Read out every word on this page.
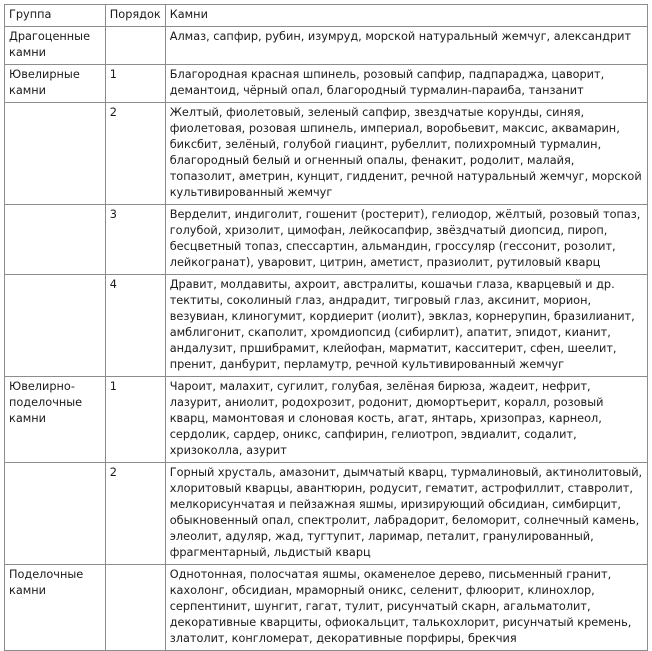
Группа	Порядок	Камни
Драгоценные камни		Алмаз, сапфир, рубин, изумруд, морской натуральный жемчуг, александрит
Ювелирные камни	1	Благородная красная шпинель, розовый сапфир, падпараджа, цаворит, демантоид, чёрный опал, благородный турмалин-параиба, танзанит
	2	Желтый, фиолетовый, зеленый сапфир, звездчатые корунды, синяя, фиолетовая, розовая шпинель, империал, воробьевит, максис, аквамарин, биксбит, зелёный, голубой гиацинт, рубеллит, полихромный турмалин, благородный белый и огненный опалы, фенакит, родолит, малайя, топазолит, аметрин, кунцит, гидденит, речной натуральный жемчуг, морской культивированный жемчуг
	3	Верделит, индиголит, гошенит (ростерит), гелиодор, жёлтый, розовый топаз, голубой, хризолит, цимофан, лейкосапфир, звёздчатый диопсид, пироп, бесцветный топаз, спессартин, альмандин, гроссуляр (гессонит, розолит, лейкогранат), уваровит, цитрин, аметист, празиолит, рутиловый кварц
	4	Дравит, молдавиты, ахроит, австралиты, кошачьи глаза, кварцевый и др. тектиты, соколиный глаз, андрадит, тигровый глаз, аксинит, морион, везувиан, клиногумит, кордиерит (иолит), эвклаз, корнерупин, бразилианит, амблигонит, скаполит, хромдиопсид (сибирлит), апатит, эпидот, кианит, андалузит, пршибрамит, клейофан, марматит, касситерит, сфен, шеелит, пренит, данбурит, перламутр, речной культивированный жемчуг
Ювелирно-поделочные камни	1	Чароит, малахит, сугилит, голубая, зелёная бирюза, жадеит, нефрит, лазурит, аниолит, родохрозит, родонит, дюмортьерит, коралл, розовый кварц, мамонтовая и слоновая кость, агат, янтарь, хризопраз, карнеол, сердолик, сардер, оникс, сапфирин, гелиотроп, эвдиалит, содалит, хризоколла, азурит
	2	Горный хрусталь, амазонит, дымчатый кварц, турмалиновый, актинолитовый, хлоритовый кварцы, авантюрин, родусит, гематит, астрофиллит, ставролит, мелкорисунчатая и пейзажная яшмы, иризирующий обсидиан, симбирцит, обыкновенный опал, спектролит, лабрадорит, беломорит, солнечный камень, элеолит, адуляр, жад, тугтупит, ларимар, петалит, гранулированный, фрагментарный, льдистый кварц
Поделочные камни		Однотонная, полосчатая яшмы, окаменелое дерево, письменный гранит, кахолонг, обсидиан, мраморный оникс, селенит, флюорит, клинохлор, серпентинит, шунгит, гагат, тулит, рисунчатый скарн, агальматолит, декоративные кварциты, офиокальцит, талькохлорит, рисунчатый кремень, златолит, конгломерат, декоративные порфиры, брекчия
